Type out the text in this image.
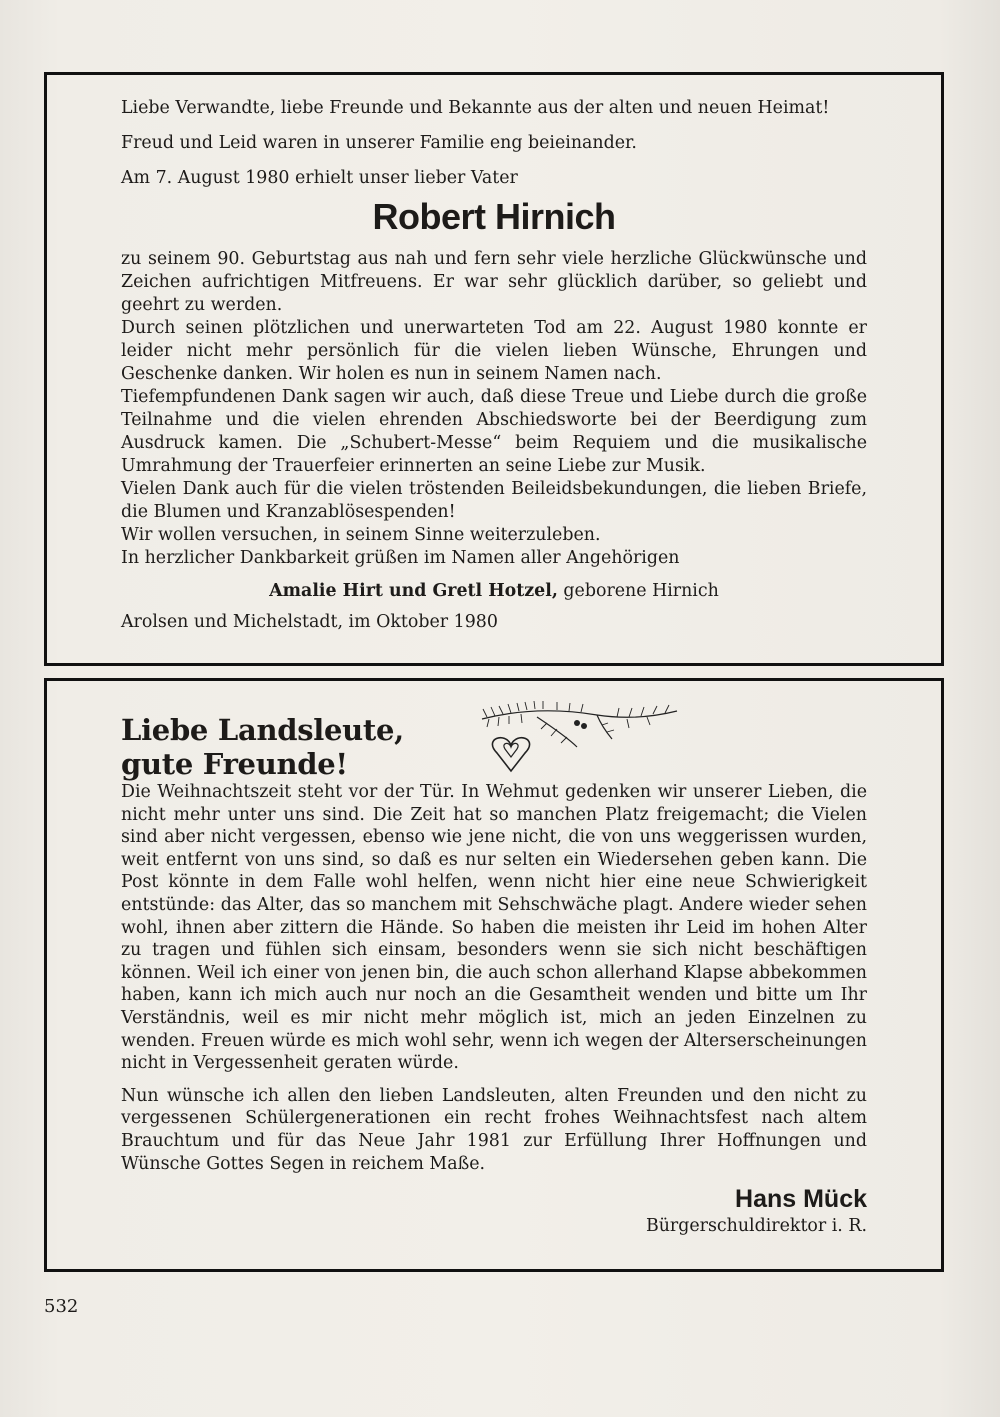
Liebe Verwandte, liebe Freunde und Bekannte aus der alten und neuen Heimat!

Freud und Leid waren in unserer Familie eng beieinander.

Am 7. August 1980 erhielt unser lieber Vater

Robert Hirnich

zu seinem 90. Geburtstag aus nah und fern sehr viele herzliche Glückwünsche und Zeichen aufrichtigen Mitfreuens. Er war sehr glücklich darüber, so geliebt und geehrt zu werden.

Durch seinen plötzlichen und unerwarteten Tod am 22. August 1980 konnte er leider nicht mehr persönlich für die vielen lieben Wünsche, Ehrungen und Geschenke danken. Wir holen es nun in seinem Namen nach.

Tiefempfundenen Dank sagen wir auch, daß diese Treue und Liebe durch die große Teilnahme und die vielen ehrenden Abschiedsworte bei der Beerdigung zum Ausdruck kamen. Die „Schubert-Messe“ beim Requiem und die musikalische Umrahmung der Trauerfeier erinnerten an seine Liebe zur Musik.

Vielen Dank auch für die vielen tröstenden Beileidsbekundungen, die lieben Briefe, die Blumen und Kranzablösespenden!

Wir wollen versuchen, in seinem Sinne weiterzuleben.

In herzlicher Dankbarkeit grüßen im Namen aller Angehörigen

Amalie Hirt und Gretl Hotzel, geborene Hirnich

Arolsen und Michelstadt, im Oktober 1980

Liebe Landsleute,
gute Freunde!

Die Weihnachtszeit steht vor der Tür. In Wehmut gedenken wir unserer Lieben, die nicht mehr unter uns sind. Die Zeit hat so manchen Platz freigemacht; die Vielen sind aber nicht vergessen, ebenso wie jene nicht, die von uns weggerissen wurden, weit entfernt von uns sind, so daß es nur selten ein Wiedersehen geben kann. Die Post könnte in dem Falle wohl helfen, wenn nicht hier eine neue Schwierigkeit entstünde: das Alter, das so manchem mit Sehschwäche plagt. Andere wieder sehen wohl, ihnen aber zittern die Hände. So haben die meisten ihr Leid im hohen Alter zu tragen und fühlen sich einsam, besonders wenn sie sich nicht beschäftigen können. Weil ich einer von jenen bin, die auch schon allerhand Klapse abbekommen haben, kann ich mich auch nur noch an die Gesamtheit wenden und bitte um Ihr Verständnis, weil es mir nicht mehr möglich ist, mich an jeden Einzelnen zu wenden. Freuen würde es mich wohl sehr, wenn ich wegen der Alterserscheinungen nicht in Vergessenheit geraten würde.

Nun wünsche ich allen den lieben Landsleuten, alten Freunden und den nicht zu vergessenen Schülergenerationen ein recht frohes Weihnachtsfest nach altem Brauchtum und für das Neue Jahr 1981 zur Erfüllung Ihrer Hoffnungen und Wünsche Gottes Segen in reichem Maße.

Hans Mück

Bürgerschuldirektor i. R.

532
